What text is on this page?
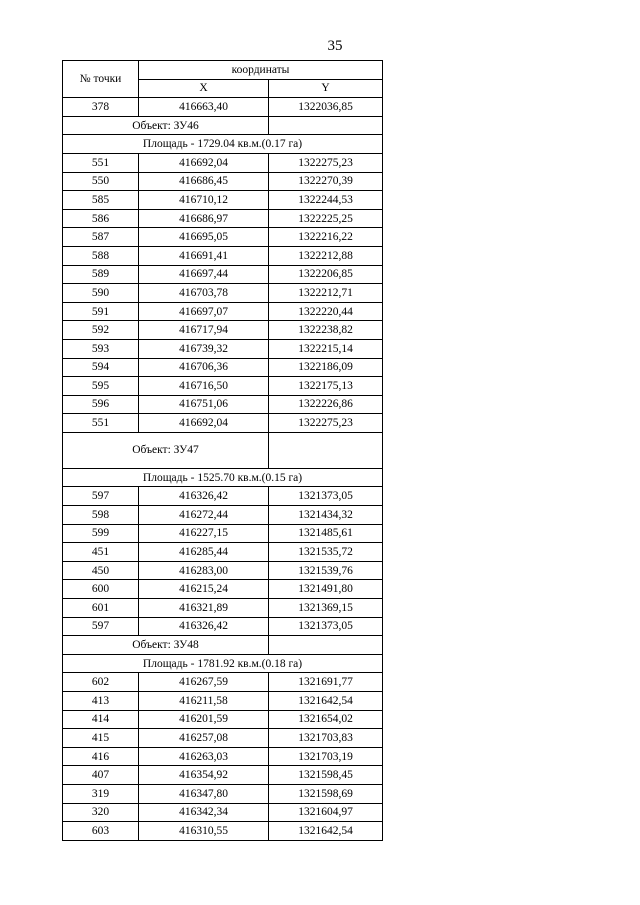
35
№ точки	координаты	
	X	Y
378	416663,40	1322036,85
Объект: ЗУ46		
Площадь - 1729.04 кв.м.(0.17 га)		
551	416692,04	1322275,23
550	416686,45	1322270,39
585	416710,12	1322244,53
586	416686,97	1322225,25
587	416695,05	1322216,22
588	416691,41	1322212,88
589	416697,44	1322206,85
590	416703,78	1322212,71
591	416697,07	1322220,44
592	416717,94	1322238,82
593	416739,32	1322215,14
594	416706,36	1322186,09
595	416716,50	1322175,13
596	416751,06	1322226,86
551	416692,04	1322275,23
Объект: ЗУ47		
Площадь - 1525.70 кв.м.(0.15 га)		
597	416326,42	1321373,05
598	416272,44	1321434,32
599	416227,15	1321485,61
451	416285,44	1321535,72
450	416283,00	1321539,76
600	416215,24	1321491,80
601	416321,89	1321369,15
597	416326,42	1321373,05
Объект: ЗУ48		
Площадь - 1781.92 кв.м.(0.18 га)		
602	416267,59	1321691,77
413	416211,58	1321642,54
414	416201,59	1321654,02
415	416257,08	1321703,83
416	416263,03	1321703,19
407	416354,92	1321598,45
319	416347,80	1321598,69
320	416342,34	1321604,97
603	416310,55	1321642,54
